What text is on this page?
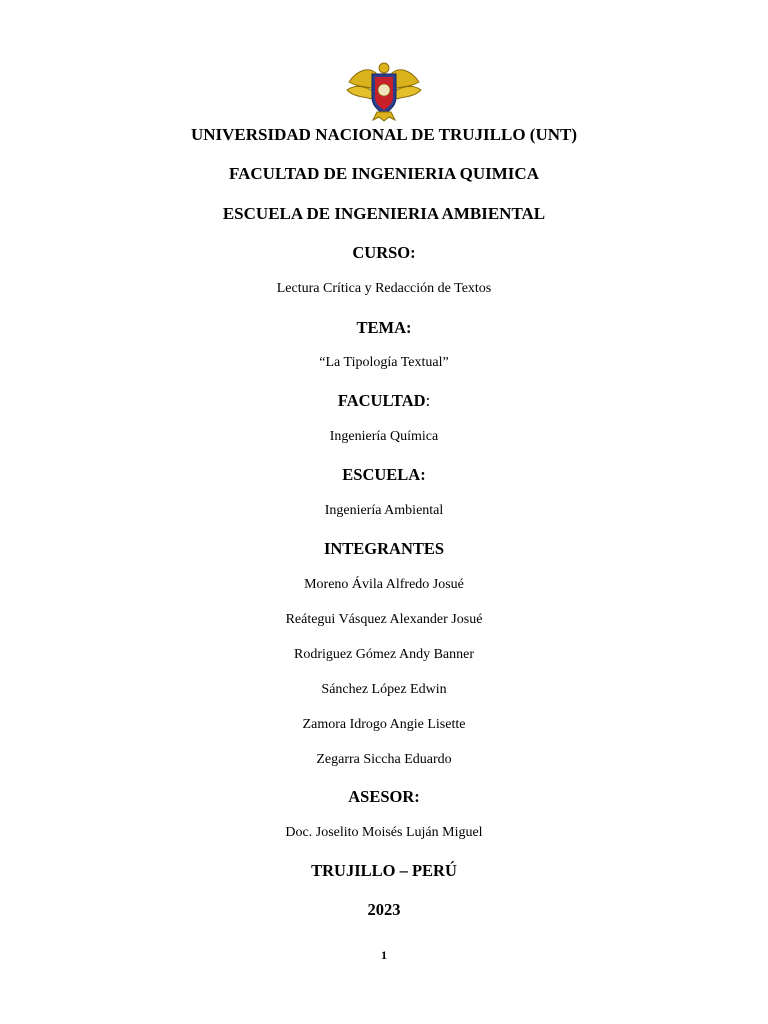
UNIVERSIDAD NACIONAL DE TRUJILLO (UNT)
FACULTAD DE INGENIERIA QUIMICA
ESCUELA DE INGENIERIA AMBIENTAL
CURSO:
Lectura Crítica y Redacción de Textos
TEMA:
“La Tipología Textual”
FACULTAD:
Ingeniería Química
ESCUELA:
Ingeniería Ambiental
INTEGRANTES
Moreno Ávila Alfredo Josué
Reátegui Vásquez Alexander Josué
Rodriguez Gómez Andy Banner
Sánchez López Edwin
Zamora Idrogo Angie Lisette
Zegarra Siccha Eduardo
ASESOR:
Doc. Joselito Moisés Luján Miguel
TRUJILLO – PERÚ
2023
1
